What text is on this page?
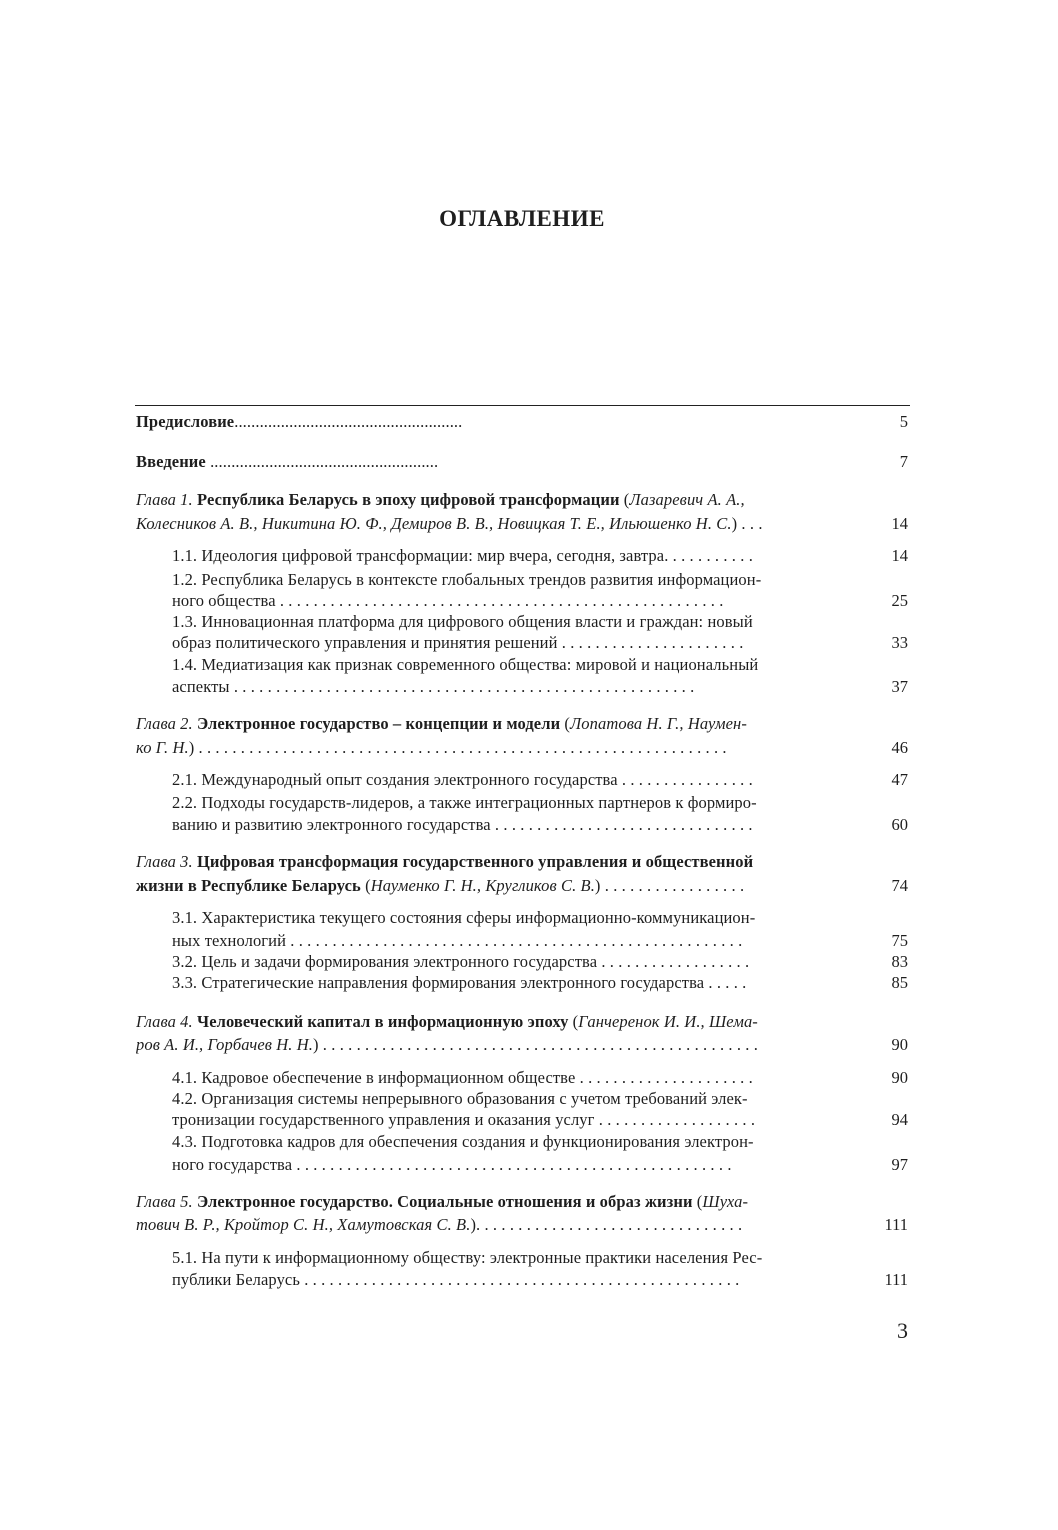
ОГЛАВЛЕНИЕ
Предисловие......................................................	5
Введение ......................................................	7
Глава 1. Республика Беларусь в эпоху цифровой трансформации (Лазаревич А. А.,
Колесников А. В., Никитина Ю. Ф., Демиров В. В., Новицкая Т. Е., Ильюшенко Н. С.) . . .	14
1.1. Идеология цифровой трансформации: мир вчера, сегодня, завтра. . . . . . . . . . .	14
1.2. Республика Беларусь в контексте глобальных трендов развития информацион-
ного общества . . . . . . . . . . . . . . . . . . . . . . . . . . . . . . . . . . . . . . . . . . . . . . . . . . . . .	25
1.3. Инновационная платформа для цифрового общения власти и граждан: новый
образ политического управления и принятия решений . . . . . . . . . . . . . . . . . . . . . .	33
1.4. Медиатизация как признак современного общества: мировой и национальный
аспекты . . . . . . . . . . . . . . . . . . . . . . . . . . . . . . . . . . . . . . . . . . . . . . . . . . . . . . .	37
Глава 2. Электронное государство – концепции и модели (Лопатова Н. Г., Наумен-
ко Г. Н.) . . . . . . . . . . . . . . . . . . . . . . . . . . . . . . . . . . . . . . . . . . . . . . . . . . . . . . . . . . . . . . .	46
2.1. Международный опыт создания электронного государства . . . . . . . . . . . . . . . .	47
2.2. Подходы государств-лидеров, а также интеграционных партнеров к формиро-
ванию и развитию электронного государства . . . . . . . . . . . . . . . . . . . . . . . . . . . . . . .	60
Глава 3. Цифровая трансформация государственного управления и общественной
жизни в Республике Беларусь (Науменко Г. Н., Кругликов С. В.) . . . . . . . . . . . . . . . . .	74
3.1. Характеристика текущего состояния сферы информационно-коммуникацион-
ных технологий . . . . . . . . . . . . . . . . . . . . . . . . . . . . . . . . . . . . . . . . . . . . . . . . . . . . . .	75
3.2. Цель и задачи формирования электронного государства . . . . . . . . . . . . . . . . . .	83
3.3. Стратегические направления формирования электронного государства . . . . .	85
Глава 4. Человеческий капитал в информационную эпоху (Ганчеренок И. И., Шема-
ров А. И., Горбачев Н. Н.) . . . . . . . . . . . . . . . . . . . . . . . . . . . . . . . . . . . . . . . . . . . . . . . . . . . .	90
4.1. Кадровое обеспечение в информационном обществе . . . . . . . . . . . . . . . . . . . . .	90
4.2. Организация системы непрерывного образования с учетом требований элек-
тронизации государственного управления и оказания услуг . . . . . . . . . . . . . . . . . . .	94
4.3. Подготовка кадров для обеспечения создания и функционирования электрон-
ного государства . . . . . . . . . . . . . . . . . . . . . . . . . . . . . . . . . . . . . . . . . . . . . . . . . . . .	97
Глава 5. Электронное государство. Социальные отношения и образ жизни (Шуха-
тович В. Р., Кройтор С. Н., Хамутовская С. В.). . . . . . . . . . . . . . . . . . . . . . . . . . . . . . . .	111
5.1. На пути к информационному обществу: электронные практики населения Рес-
публики Беларусь . . . . . . . . . . . . . . . . . . . . . . . . . . . . . . . . . . . . . . . . . . . . . . . . . . . .	111
3
